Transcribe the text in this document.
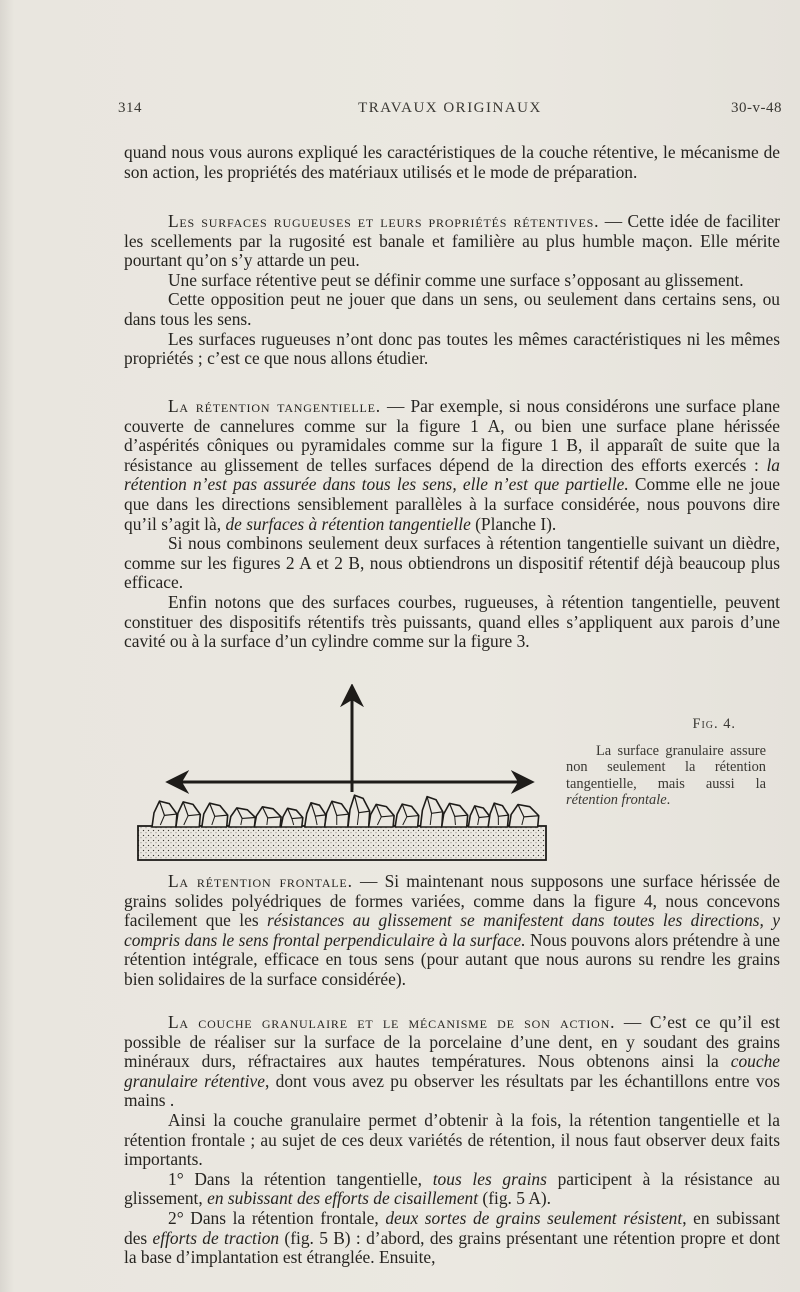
314	TRAVAUX ORIGINAUX	30-v-48

quand nous vous aurons expliqué les caractéristiques de la couche rétentive, le mécanisme de son action, les propriétés des matériaux utilisés et le mode de préparation.

Les surfaces rugueuses et leurs propriétés rétentives. — Cette idée de faciliter les scellements par la rugosité est banale et familière au plus humble maçon. Elle mérite pourtant qu’on s’y attarde un peu.

Une surface rétentive peut se définir comme une surface s’opposant au glissement.

Cette opposition peut ne jouer que dans un sens, ou seulement dans certains sens, ou dans tous les sens.

Les surfaces rugueuses n’ont donc pas toutes les mêmes caractéristiques ni les mêmes propriétés ; c’est ce que nous allons étudier.

La rétention tangentielle. — Par exemple, si nous considérons une surface plane couverte de cannelures comme sur la figure 1 A, ou bien une surface plane hérissée d’aspérités côniques ou pyramidales comme sur la figure 1 B, il apparaît de suite que la résistance au glissement de telles surfaces dépend de la direction des efforts exercés : la rétention n’est pas assurée dans tous les sens, elle n’est que partielle. Comme elle ne joue que dans les directions sensiblement parallèles à la surface considérée, nous pouvons dire qu’il s’agit là, de surfaces à rétention tangentielle (Planche I).

Si nous combinons seulement deux surfaces à rétention tangentielle suivant un dièdre, comme sur les figures 2 A et 2 B, nous obtiendrons un dispositif rétentif déjà beaucoup plus efficace.

Enfin notons que des surfaces courbes, rugueuses, à rétention tangentielle, peuvent constituer des dispositifs rétentifs très puissants, quand elles s’appliquent aux parois d’une cavité ou à la surface d’un cylindre comme sur la figure 3.

Fig. 4.
La surface granulaire assure non seulement la rétention tangentielle, mais aussi la rétention frontale.

La rétention frontale. — Si maintenant nous supposons une surface hérissée de grains solides polyédriques de formes variées, comme dans la figure 4, nous concevons facilement que les résistances au glissement se manifestent dans toutes les directions, y compris dans le sens frontal perpendiculaire à la surface. Nous pouvons alors prétendre à une rétention intégrale, efficace en tous sens (pour autant que nous aurons su rendre les grains bien solidaires de la surface considérée).

La couche granulaire et le mécanisme de son action. — C’est ce qu’il est possible de réaliser sur la surface de la porcelaine d’une dent, en y soudant des grains minéraux durs, réfractaires aux hautes températures. Nous obtenons ainsi la couche granulaire rétentive, dont vous avez pu observer les résultats par les échantillons entre vos mains .

Ainsi la couche granulaire permet d’obtenir à la fois, la rétention tangentielle et la rétention frontale ; au sujet de ces deux variétés de rétention, il nous faut observer deux faits importants.

1° Dans la rétention tangentielle, tous les grains participent à la résistance au glissement, en subissant des efforts de cisaillement (fig. 5 A).

2° Dans la rétention frontale, deux sortes de grains seulement résistent, en subissant des efforts de traction (fig. 5 B) : d’abord, des grains présentant une rétention propre et dont la base d’implantation est étranglée. Ensuite,
